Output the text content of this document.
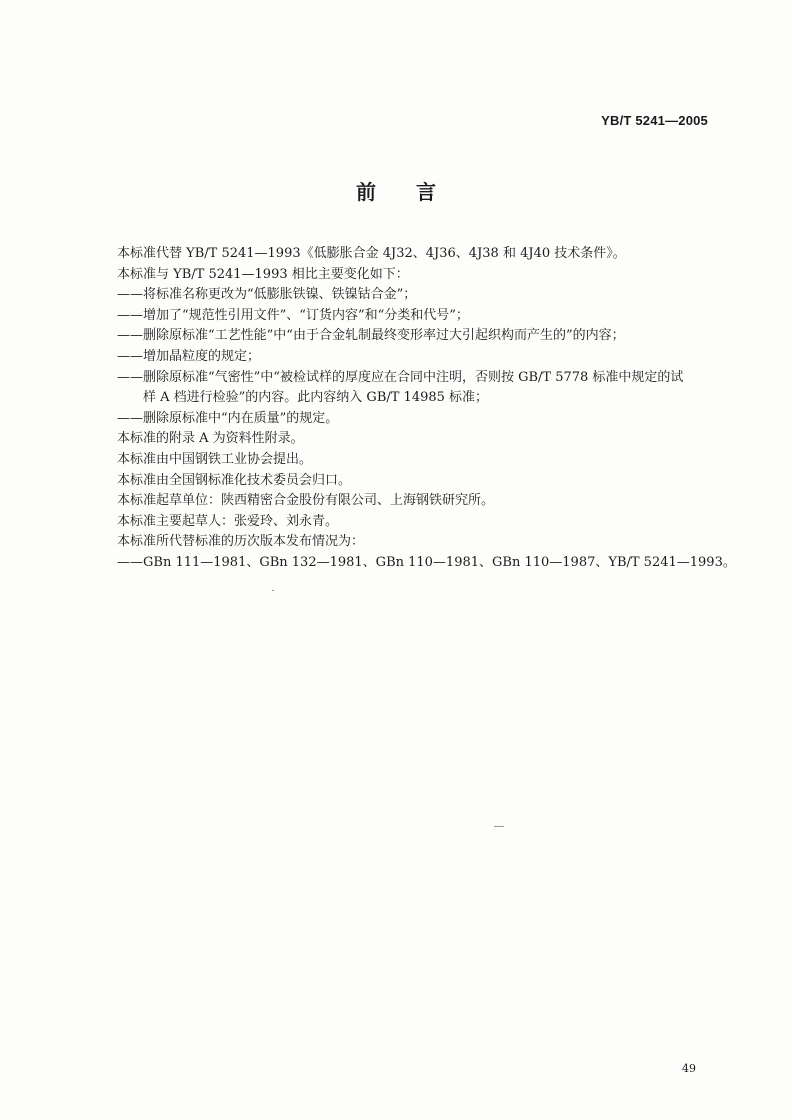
YB/T 5241—2005
前言
本标准代替 YB/T 5241—1993《低膨胀合金 4J32、4J36、4J38 和 4J40 技术条件》。
本标准与 YB/T 5241—1993 相比主要变化如下：
——将标准名称更改为“低膨胀铁镍、铁镍钴合金”；
——增加了“规范性引用文件”、“订货内容”和“分类和代号”；
——删除原标准“工艺性能”中“由于合金轧制最终变形率过大引起织构而产生的”的内容；
——增加晶粒度的规定；
——删除原标准“气密性”中“被检试样的厚度应在合同中注明，否则按 GB/T 5778 标准中规定的试
样 A 档进行检验”的内容。此内容纳入 GB/T 14985 标准；
——删除原标准中“内在质量”的规定。
本标准的附录 A 为资料性附录。
本标准由中国钢铁工业协会提出。
本标准由全国钢标准化技术委员会归口。
本标准起草单位：陕西精密合金股份有限公司、上海钢铁研究所。
本标准主要起草人：张爱玲、刘永青。
本标准所代替标准的历次版本发布情况为：
——GBn 111—1981、GBn 132—1981、GBn 110—1981、GBn 110—1987、YB/T 5241—1993。
49
